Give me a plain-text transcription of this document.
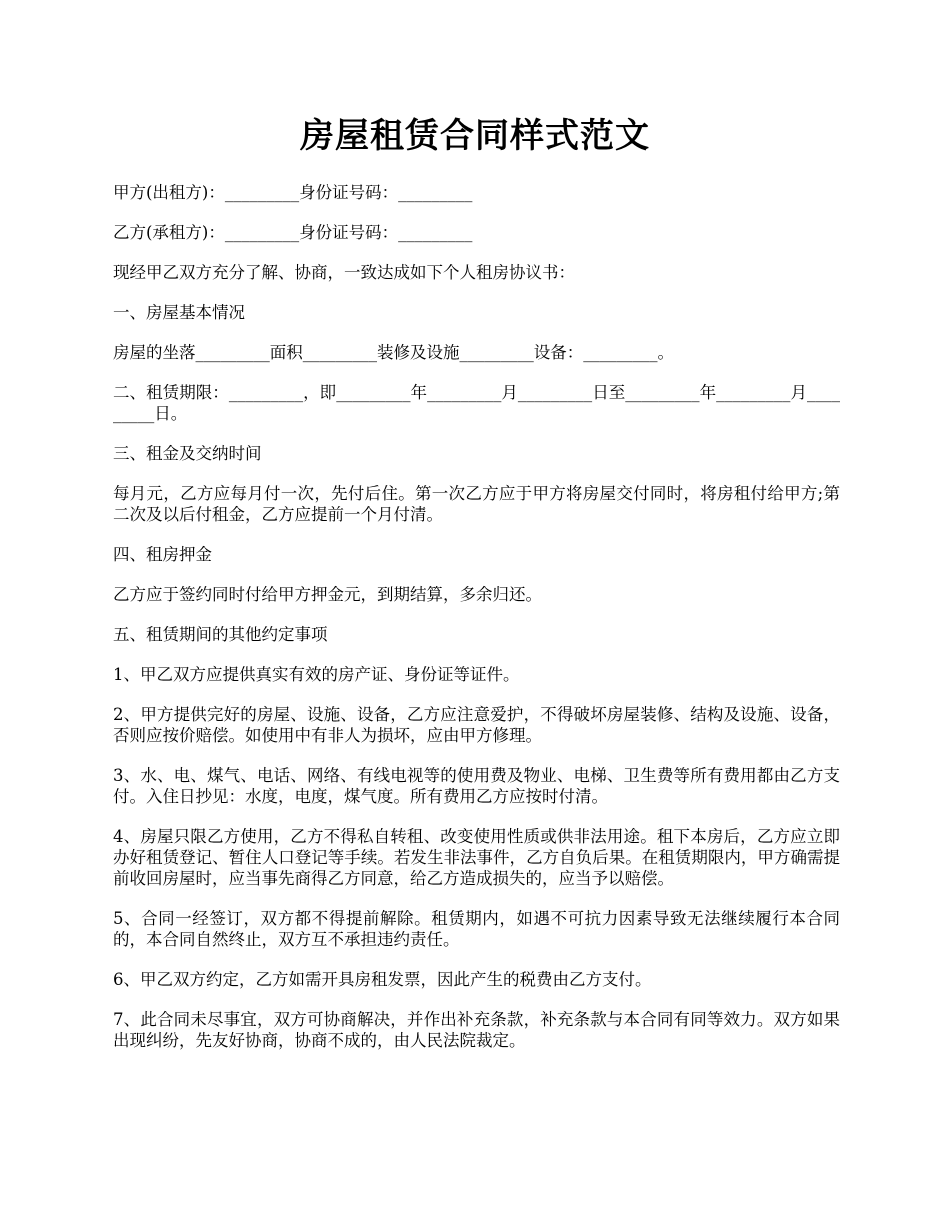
房屋租赁合同样式范文

甲方(出租方)：_________身份证号码：_________

乙方(承租方)：_________身份证号码：_________

现经甲乙双方充分了解、协商，一致达成如下个人租房协议书：

一、房屋基本情况

房屋的坐落_________面积_________装修及设施_________设备：_________。

二、租赁期限：_________，即_________年_________月_________日至_________年_________月_________日。

三、租金及交纳时间

每月元，乙方应每月付一次，先付后住。第一次乙方应于甲方将房屋交付同时，将房租付给甲方;第二次及以后付租金，乙方应提前一个月付清。

四、租房押金

乙方应于签约同时付给甲方押金元，到期结算，多余归还。

五、租赁期间的其他约定事项

1、甲乙双方应提供真实有效的房产证、身份证等证件。

2、甲方提供完好的房屋、设施、设备，乙方应注意爱护，不得破坏房屋装修、结构及设施、设备，否则应按价赔偿。如使用中有非人为损坏，应由甲方修理。

3、水、电、煤气、电话、网络、有线电视等的使用费及物业、电梯、卫生费等所有费用都由乙方支付。入住日抄见：水度，电度，煤气度。所有费用乙方应按时付清。

4、房屋只限乙方使用，乙方不得私自转租、改变使用性质或供非法用途。租下本房后，乙方应立即办好租赁登记、暂住人口登记等手续。若发生非法事件，乙方自负后果。在租赁期限内，甲方确需提前收回房屋时，应当事先商得乙方同意，给乙方造成损失的，应当予以赔偿。

5、合同一经签订，双方都不得提前解除。租赁期内，如遇不可抗力因素导致无法继续履行本合同的，本合同自然终止，双方互不承担违约责任。

6、甲乙双方约定，乙方如需开具房租发票，因此产生的税费由乙方支付。

7、此合同未尽事宜，双方可协商解决，并作出补充条款，补充条款与本合同有同等效力。双方如果出现纠纷，先友好协商，协商不成的，由人民法院裁定。
